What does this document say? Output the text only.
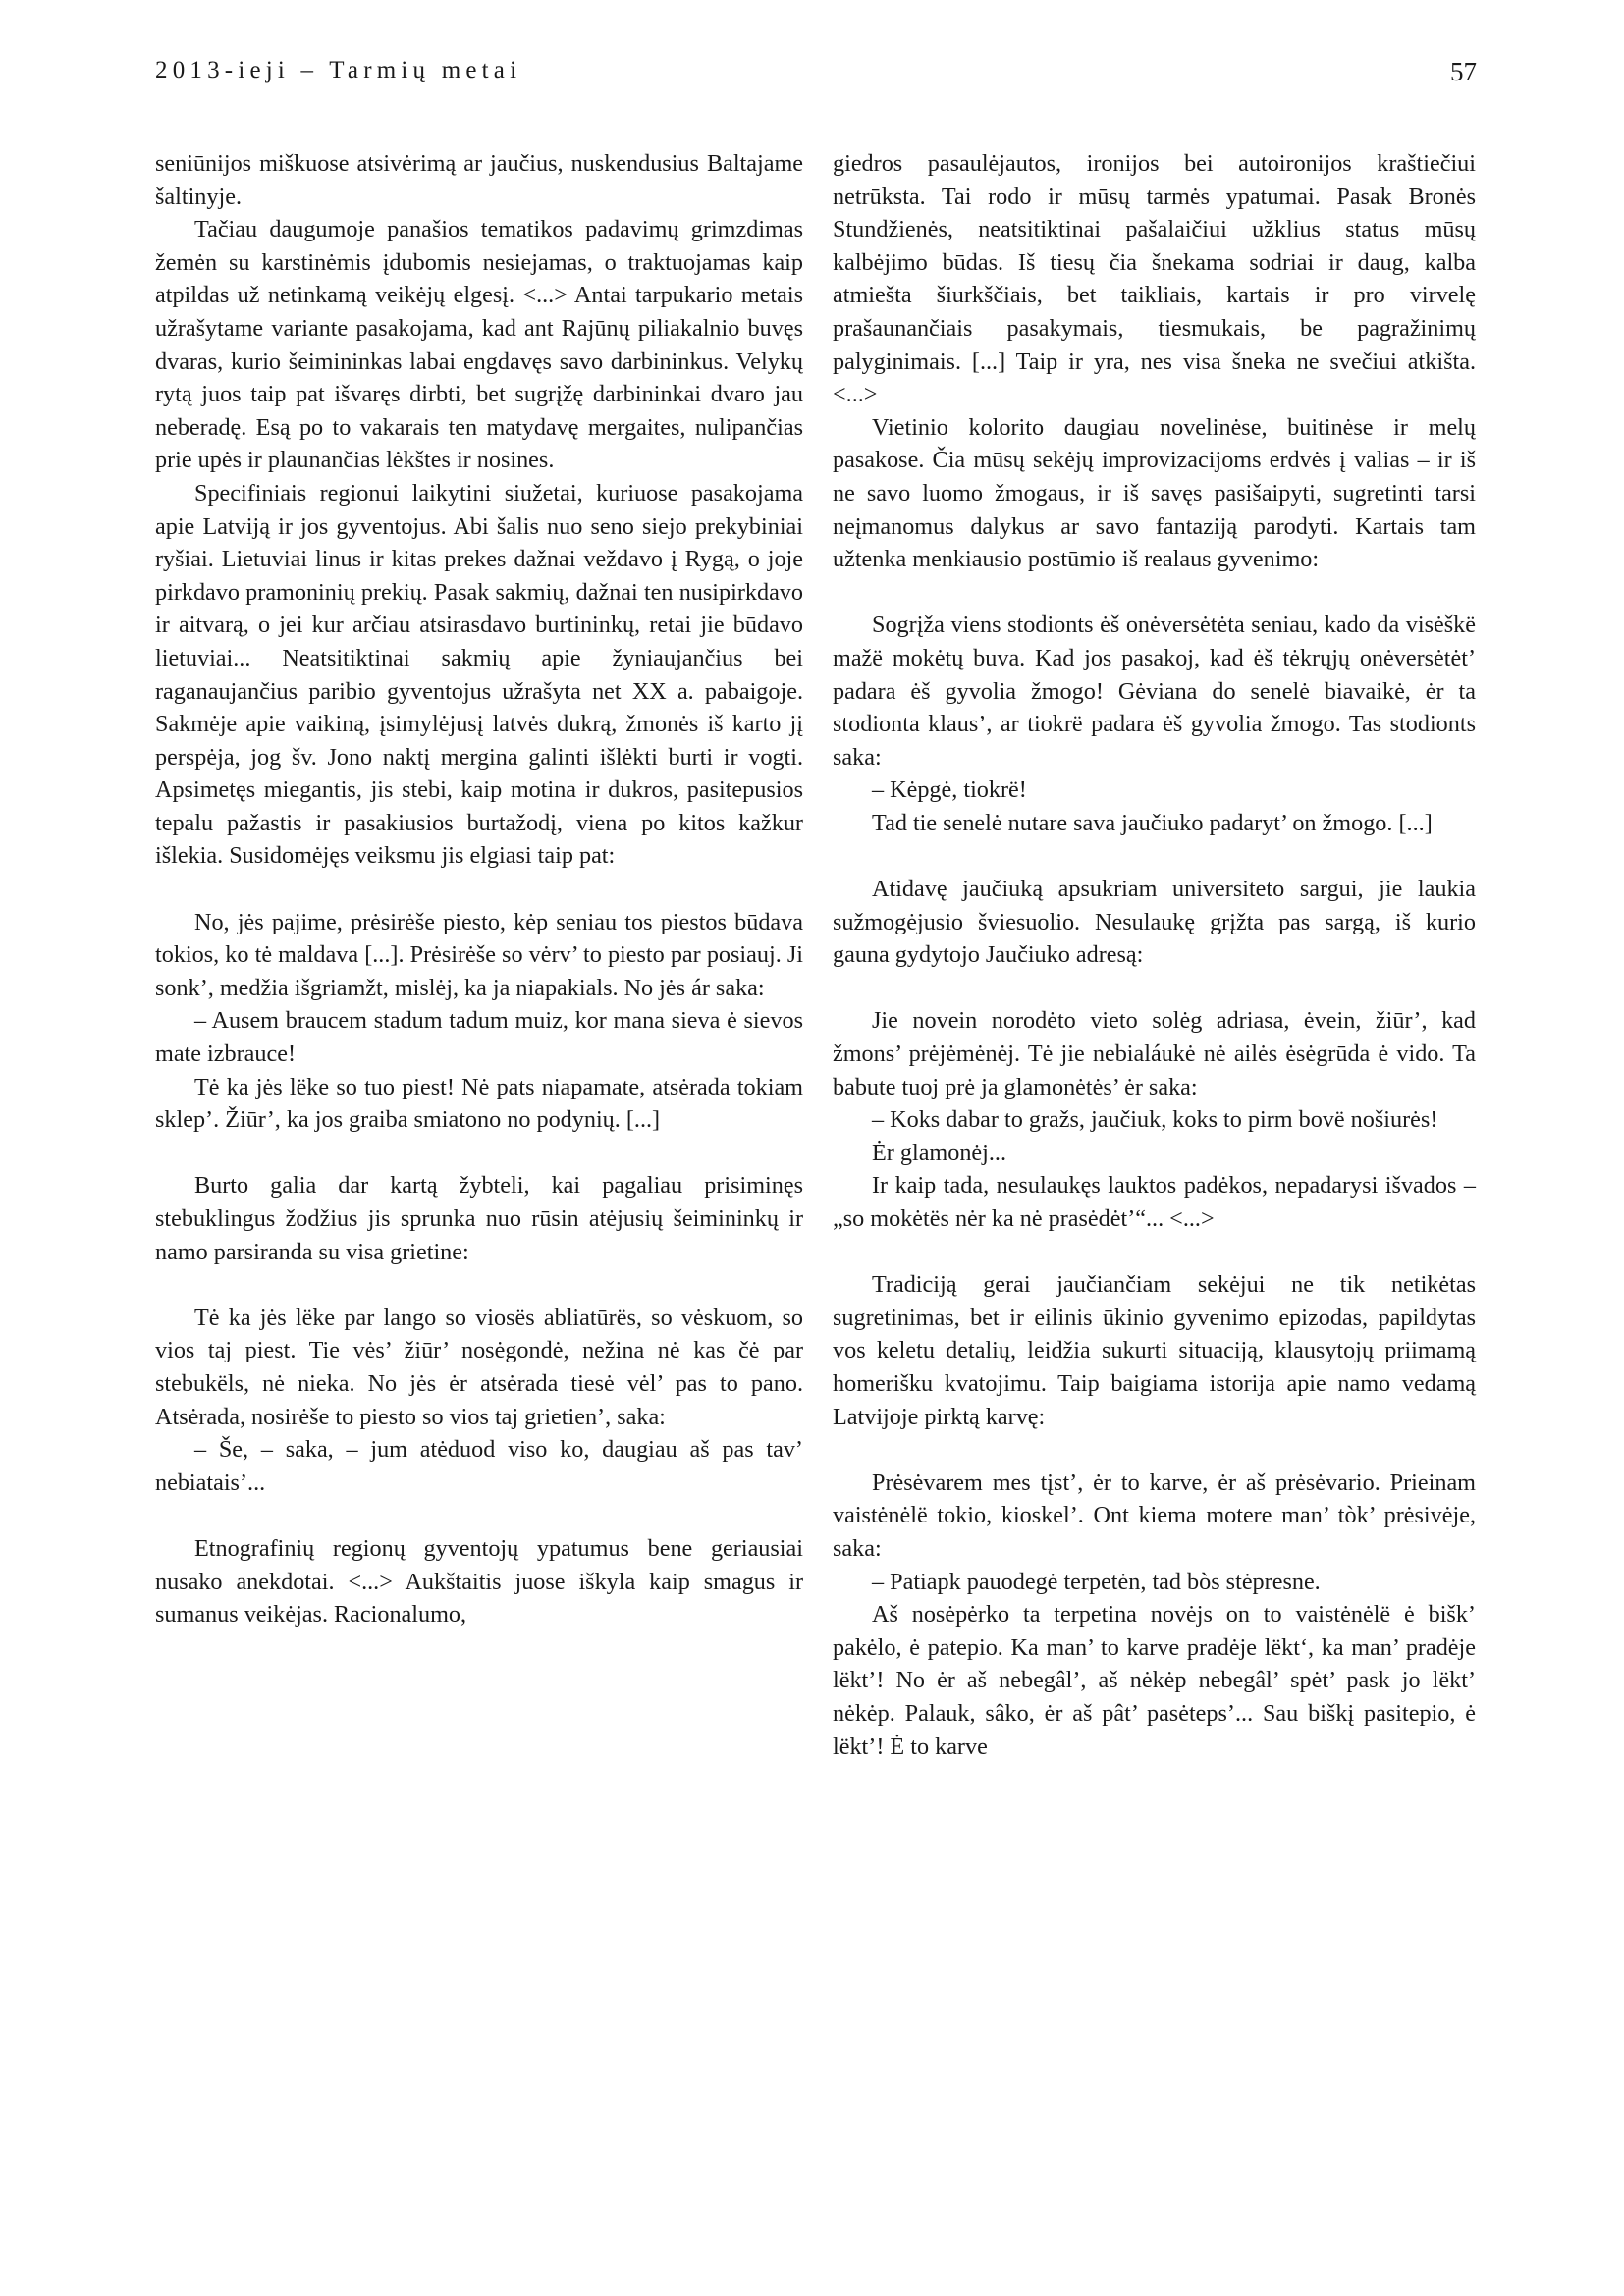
2013-ieji – Tarmių metai	57

seniūnijos miškuose atsivėrimą ar jaučius, nuskendusius Baltajame šaltinyje.

Tačiau daugumoje panašios tematikos padavimų grimzdimas žemėn su karstinėmis įdubomis nesiejamas, o traktuojamas kaip atpildas už netinkamą veikėjų elgesį. <...> Antai tarpukario metais užrašytame variante pasakojama, kad ant Rajūnų piliakalnio buvęs dvaras, kurio šeimininkas labai engdavęs savo darbininkus. Velykų rytą juos taip pat išvaręs dirbti, bet sugrįžę darbininkai dvaro jau neberadę. Esą po to vakarais ten matydavę mergaites, nulipančias prie upės ir plaunančias lėkštes ir nosines.

Specifiniais regionui laikytini siužetai, kuriuose pasakojama apie Latviją ir jos gyventojus. Abi šalis nuo seno siejo prekybiniai ryšiai. Lietuviai linus ir kitas prekes dažnai veždavo į Rygą, o joje pirkdavo pramoninių prekių. Pasak sakmių, dažnai ten nusipirkdavo ir aitvarą, o jei kur arčiau atsirasdavo burtininkų, retai jie būdavo lietuviai... Neatsitiktinai sakmių apie žyniaujančius bei raganaujančius paribio gyventojus užrašyta net XX a. pabaigoje. Sakmėje apie vaikiną, įsimylėjusį latvės dukrą, žmonės iš karto jį perspėja, jog šv. Jono naktį mergina galinti išlėkti burti ir vogti. Apsimetęs miegantis, jis stebi, kaip motina ir dukros, pasitepusios tepalu pažastis ir pasakiusios burtažodį, viena po kitos kažkur išlekia. Susidomėjęs veiksmu jis elgiasi taip pat:

No, jės pajime, prėsirėše piesto, kėp seniau tos piestos būdava tokios, ko tė maldava [...]. Prėsirėše so vėrv’ to piesto par posiauj. Ji sonk’, medžia išgriamžt, mislėj, ka ja niapakials. No jės ár saka:

– Ausem braucem stadum tadum muiz, kor mana sieva ė sievos mate izbrauce!

Tė ka jės lëke so tuo piest! Nė pats niapamate, atsėrada tokiam sklep’. Žiūr’, ka jos graiba smiatono no podynių. [...]

Burto galia dar kartą žybteli, kai pagaliau prisiminęs stebuklingus žodžius jis sprunka nuo rūsin atėjusių šeimininkų ir namo parsiranda su visa grietine:

Tė ka jės lëke par lango so viosës abliatūrës, so vėskuom, so vios taj piest. Tie vės’ žiūr’ nosėgondė, nežina nė kas čė par stebukëls, nė nieka. No jės ėr atsėrada tiesė vėl’ pas to pano. Atsėrada, nosirėše to piesto so vios taj grietien’, saka:

– Še, – saka, – jum atėduod viso ko, daugiau aš pas tav’ nebiatais’...

Etnografinių regionų gyventojų ypatumus bene geriausiai nusako anekdotai. <...> Aukštaitis juose iškyla kaip smagus ir sumanus veikėjas. Racionalumo,

giedros pasaulėjautos, ironijos bei autoironijos kraštiečiui netrūksta. Tai rodo ir mūsų tarmės ypatumai. Pasak Bronės Stundžienės, neatsitiktinai pašalaičiui užklius status mūsų kalbėjimo būdas. Iš tiesų čia šnekama sodriai ir daug, kalba atmiešta šiurkščiais, bet taikliais, kartais ir pro virvelę prašaunančiais pasakymais, tiesmukais, be pagražinimų palyginimais. [...] Taip ir yra, nes visa šneka ne svečiui atkišta. <...>

Vietinio kolorito daugiau novelinėse, buitinėse ir melų pasakose. Čia mūsų sekėjų improvizacijoms erdvės į valias – ir iš ne savo luomo žmogaus, ir iš savęs pasišaipyti, sugretinti tarsi neįmanomus dalykus ar savo fantaziją parodyti. Kartais tam užtenka menkiausio postūmio iš realaus gyvenimo:

Sogrįža viens stodionts ėš onėversėtėta seniau, kado da visėškë mažë mokėtų buva. Kad jos pasakoj, kad ėš tėkrųjų onėversėtėt’ padara ėš gyvolia žmogo! Gėviana do senelė biavaikė, ėr ta stodionta klaus’, ar tiokrë padara ėš gyvolia žmogo. Tas stodionts saka:

– Kėpgė, tiokrë!

Tad tie senelė nutare sava jaučiuko padaryt’ on žmogo. [...]

Atidavę jaučiuką apsukriam universiteto sargui, jie laukia sužmogėjusio šviesuolio. Nesulaukę grįžta pas sargą, iš kurio gauna gydytojo Jaučiuko adresą:

Jie novein norodėto vieto solėg adriasa, ėvein, žiūr’, kad žmons’ prėjėmėnėj. Tė jie nebialáukė nė ailės ėsėgrūda ė vido. Ta babute tuoj prė ja glamonėtės’ ėr saka:

– Koks dabar to gražs, jaučiuk, koks to pirm bovë nošiurės!

Ėr glamonėj...

Ir kaip tada, nesulaukęs lauktos padėkos, nepadarysi išvados – „so mokėtës nėr ka nė prasėdėt’“... <...>

Tradiciją gerai jaučiančiam sekėjui ne tik netikėtas sugretinimas, bet ir eilinis ūkinio gyvenimo epizodas, papildytas vos keletu detalių, leidžia sukurti situaciją, klausytojų priimamą homerišku kvatojimu. Taip baigiama istorija apie namo vedamą Latvijoje pirktą karvę:

Prėsėvarem mes tįst’, ėr to karve, ėr aš prėsėvario. Prieinam vaistėnėlë tokio, kioskel’. Ont kiema motere man’ tòk’ prėsivėje, saka:

– Patiapk pauodegė terpetėn, tad bòs stėpresne.

Aš nosėpėrko ta terpetina novėjs on to vaistėnėlë ė bišk’ pakėlo, ė patepio. Ka man’ to karve pradėje lëkt‘, ka man’ pradėje lëkt’! No ėr aš nebegâl’, aš nėkėp nebegâl’ spėt’ pask jo lëkt’ nėkėp. Palauk, sâko, ėr aš pât’ pasėteps’... Sau biškį pasitepio, ė lëkt’! Ė to karve
